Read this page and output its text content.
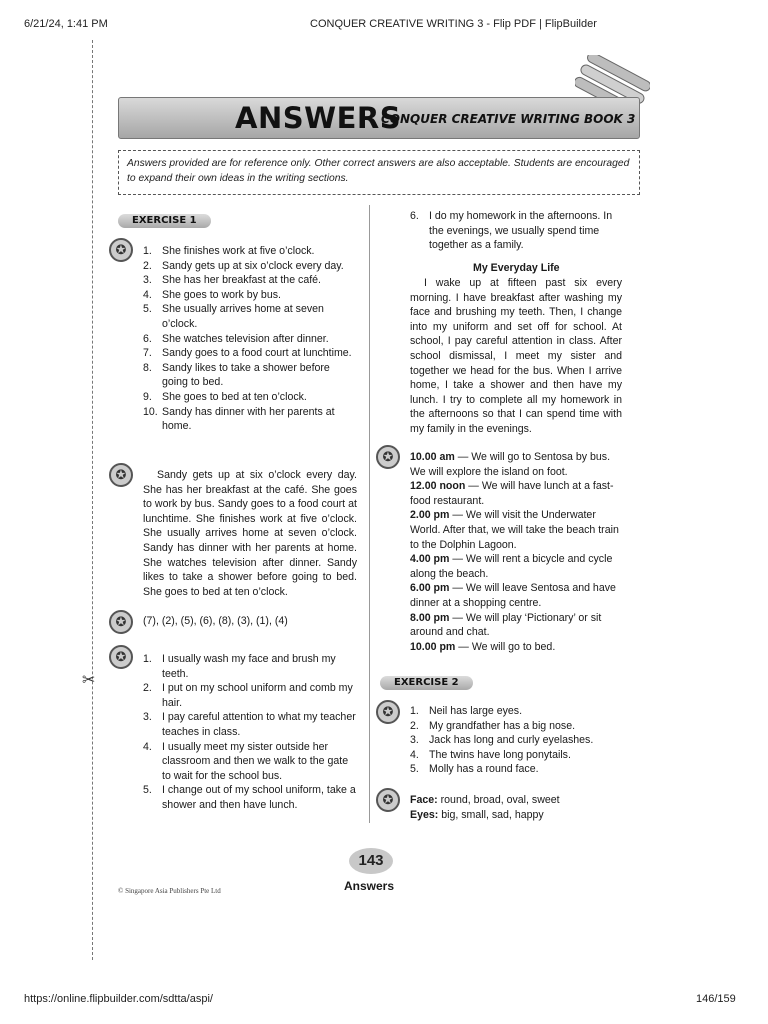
6/21/24, 1:41 PM	CONQUER CREATIVE WRITING 3 - Flip PDF | FlipBuilder
https://online.flipbuilder.com/sdtta/aspi/	146/159
✂
ANSWERS
CONQUER CREATIVE WRITING BOOK 3
Answers provided are for reference only. Other correct answers are also acceptable. Students are encouraged to expand their own ideas in the writing sections.
EXERCISE 1
✪	1. She finishes work at five o’clock.
2. Sandy gets up at six o’clock every day.
3. She has her breakfast at the café.
4. She goes to work by bus.
5. She usually arrives home at seven o’clock.
6. She watches television after dinner.
7. Sandy goes to a food court at lunchtime.
8. Sandy likes to take a shower before going to bed.
9. She goes to bed at ten o’clock.
10. Sandy has dinner with her parents at home.
✪	Sandy gets up at six o’clock every day. She has her breakfast at the café. She goes to work by bus. Sandy goes to a food court at lunchtime. She finishes work at five o’clock. She usually arrives home at seven o’clock. Sandy has dinner with her parents at home. She watches television after dinner. Sandy likes to take a shower before going to bed. She goes to bed at ten o’clock.

✪	(7), (2), (5), (6), (8), (3), (1), (4)
✪	1. I usually wash my face and brush my teeth.
2. I put on my school uniform and comb my hair.
3. I pay careful attention to what my teacher teaches in class.
4. I usually meet my sister outside her classroom and then we walk to the gate to wait for the school bus.
5. I change out of my school uniform, take a shower and then have lunch.
6. I do my homework in the afternoons. In the evenings, we usually spend time together as a family.
My Everyday Life

I wake up at fifteen past six every morning. I have breakfast after washing my face and brushing my teeth. Then, I change into my uniform and set off for school. At school, I pay careful attention in class. After school dismissal, I meet my sister and together we head for the bus. When I arrive home, I take a shower and then have my lunch. I try to complete all my homework in the afternoons so that I can spend time with my family in the evenings.

✪	10.00 am — We will go to Sentosa by bus. We will explore the island on foot.
12.00 noon — We will have lunch at a fast-food restaurant.
2.00 pm — We will visit the Underwater World. After that, we will take the beach train to the Dolphin Lagoon.
4.00 pm — We will rent a bicycle and cycle along the beach.
6.00 pm — We will leave Sentosa and have dinner at a shopping centre.
8.00 pm — We will play ‘Pictionary’ or sit around and chat.
10.00 pm — We will go to bed.
EXERCISE 2
✪	1. Neil has large eyes.
2. My grandfather has a big nose.
3. Jack has long and curly eyelashes.
4. The twins have long ponytails.
5. Molly has a round face.
✪	Face: round, broad, oval, sweet
Eyes: big, small, sad, happy
143
Answers
© Singapore Asia Publishers Pte Ltd
